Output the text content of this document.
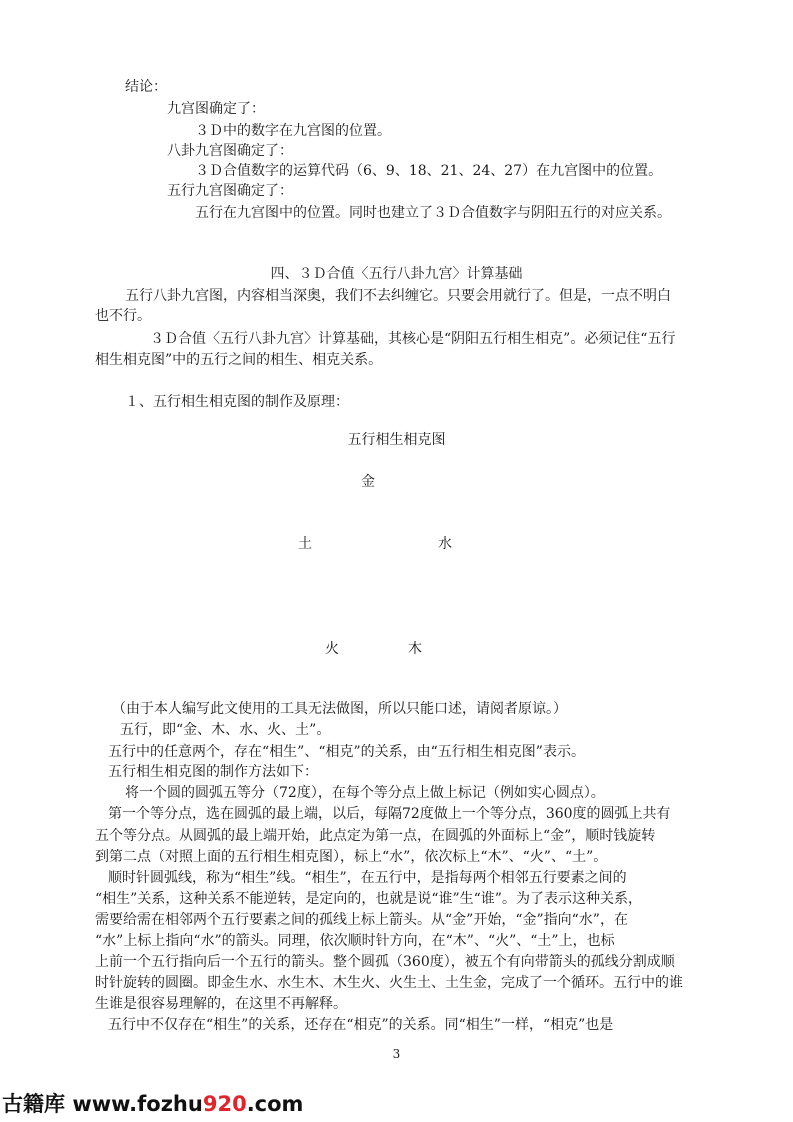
结论：
九宫图确定了：
３Ｄ中的数字在九宫图的位置。
八卦九宫图确定了：
３Ｄ合值数字的运算代码（6、9、18、21、24、27）在九宫图中的位置。
五行九宫图确定了：
五行在九宫图中的位置。同时也建立了３Ｄ合值数字与阴阳五行的对应关系。
四、３Ｄ合值〈五行八卦九宫〉计算基础
五行八卦九宫图，内容相当深奥，我们不去纠缠它。只要会用就行了。但是，一点不明白
也不行。
３Ｄ合值〈五行八卦九宫〉计算基础，其核心是“阴阳五行相生相克”。必须记住“五行
相生相克图”中的五行之间的相生、相克关系。
１、五行相生相克图的制作及原理：
五行相生相克图
金
土	水
火	木
（由于本人编写此文使用的工具无法做图，所以只能口述，请阅者原谅。）
五行，即“金、木、水、火、土”。
五行中的任意两个，存在“相生”、“相克”的关系，由“五行相生相克图”表示。
五行相生相克图的制作方法如下：
将一个圆的圆弧五等分（72度），在每个等分点上做上标记（例如实心圆点）。
第一个等分点，选在圆弧的最上端，以后，每隔72度做上一个等分点，360度的圆弧上共有
五个等分点。从圆弧的最上端开始，此点定为第一点，在圆弧的外面标上“金”，顺时钱旋转
到第二点（对照上面的五行相生相克图），标上“水”，依次标上“木”、“火”、“土”。
顺时针圆弧线，称为“相生”线。“相生”，在五行中，是指每两个相邻五行要素之间的
“相生”关系，这种关系不能逆转，是定向的，也就是说“谁”生“谁”。为了表示这种关系，
需要给需在相邻两个五行要素之间的孤线上标上箭头。从“金”开始，“金”指向“水”，在
“水”上标上指向“水”的箭头。同理，依次顺时针方向，在“木”、“火”、“土”上，也标
上前一个五行指向后一个五行的箭头。整个圆孤（360度），被五个有向带箭头的孤线分割成顺
时针旋转的圆圈。即金生水、水生木、木生火、火生土、土生金，完成了一个循环。五行中的谁
生谁是很容易理解的，在这里不再解释。
五行中不仅存在“相生”的关系，还存在“相克”的关系。同“相生”一样，“相克”也是
3
古籍库 www.fozhu920.com
